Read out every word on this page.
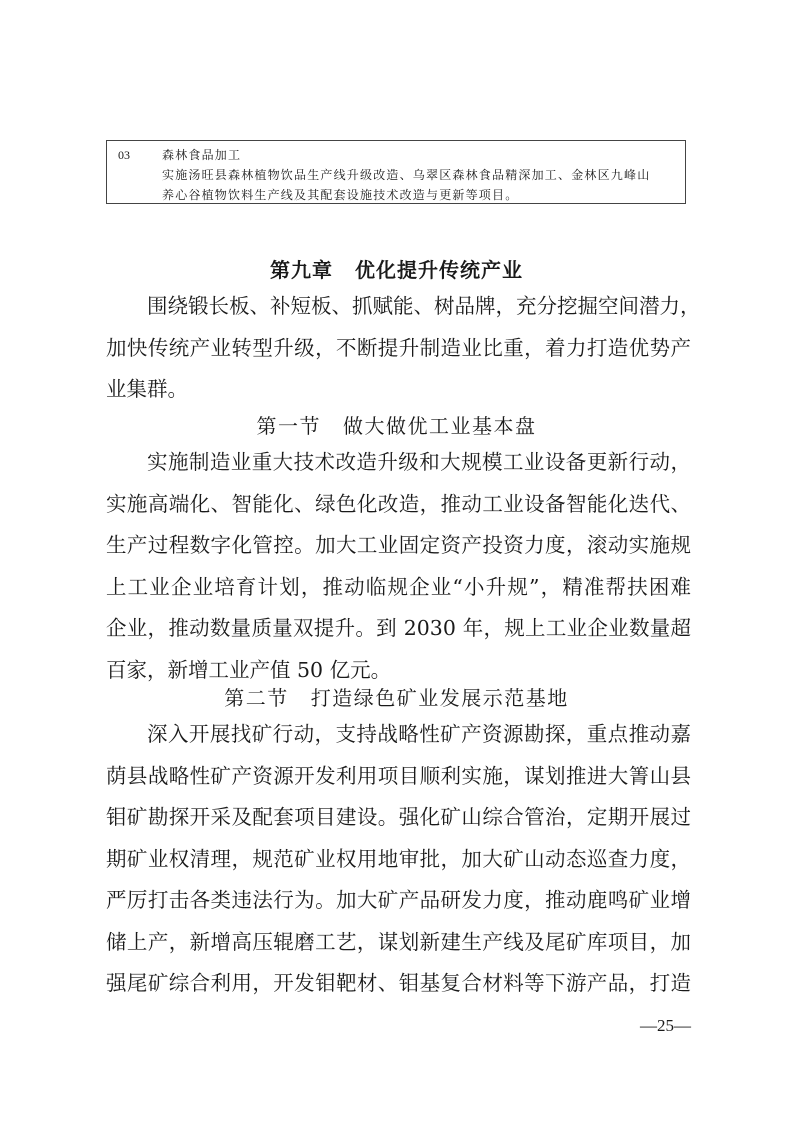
03	森林食品加工
实施汤旺县森林植物饮品生产线升级改造、乌翠区森林食品精深加工、金林区九峰山
养心谷植物饮料生产线及其配套设施技术改造与更新等项目。
第九章 优化提升传统产业
围绕锻长板、补短板、抓赋能、树品牌，充分挖掘空间潜力，
加快传统产业转型升级，不断提升制造业比重，着力打造优势产
业集群。
第一节 做大做优工业基本盘
实施制造业重大技术改造升级和大规模工业设备更新行动，
实施高端化、智能化、绿色化改造，推动工业设备智能化迭代、
生产过程数字化管控。加大工业固定资产投资力度，滚动实施规
上工业企业培育计划，推动临规企业“小升规”，精准帮扶困难
企业，推动数量质量双提升。到 2030 年，规上工业企业数量超
百家，新增工业产值 50 亿元。
第二节 打造绿色矿业发展示范基地
深入开展找矿行动，支持战略性矿产资源勘探，重点推动嘉
荫县战略性矿产资源开发利用项目顺利实施，谋划推进大箐山县
钼矿勘探开采及配套项目建设。强化矿山综合管治，定期开展过
期矿业权清理，规范矿业权用地审批，加大矿山动态巡查力度，
严厉打击各类违法行为。加大矿产品研发力度，推动鹿鸣矿业增
储上产，新增高压辊磨工艺，谋划新建生产线及尾矿库项目，加
强尾矿综合利用，开发钼靶材、钼基复合材料等下游产品，打造
—25—
